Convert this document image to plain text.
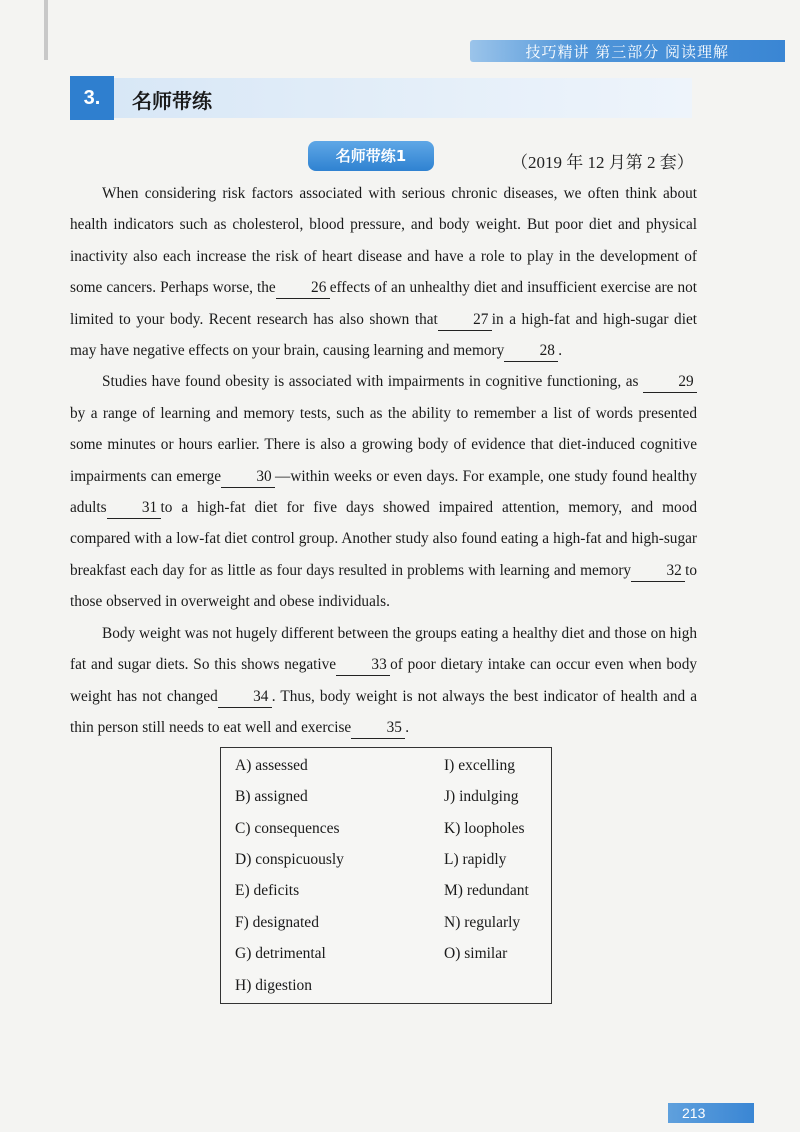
技巧精讲 第三部分 阅读理解
3.	名师带练
名师带练1	（2019 年 12 月第 2 套）

When considering risk factors associated with serious chronic diseases, we often think about health indicators such as cholesterol, blood pressure, and body weight. But poor diet and physical inactivity also each increase the risk of heart disease and have a role to play in the development of some cancers. Perhaps worse, the 26 effects of an unhealthy diet and insufficient exercise are not limited to your body. Recent research has also shown that 27 in a high-fat and high-sugar diet may have negative effects on your brain, causing learning and memory 28 .

Studies have found obesity is associated with impairments in cognitive functioning, as	29by a range of learning and memory tests, such as the ability to remember a list of words presented some minutes or hours earlier. There is also a growing body of evidence that diet-induced cognitive impairments can emerge 30 —within weeks or even days. For example, one study found healthy adults 31 to a high-fat diet for five days showed impaired attention, memory, and mood compared with a low-fat diet control group. Another study also found eating a high-fat and high-sugar breakfast each day for as little as four days resulted in problems with learning and memory 32 to those observed in overweight and obese individuals.

Body weight was not hugely different between the groups eating a healthy diet and those on high fat and sugar diets. So this shows negative 33 of poor dietary intake can occur even when body weight has not changed 34 . Thus, body weight is not always the best indicator of health and a thin person still needs to eat well and exercise 35 .

A) assessed
B) assigned
C) consequences
D) conspicuously
E) deficits
F) designated
G) detrimental
H) digestion
I) excelling
J) indulging
K) loopholes
L) rapidly
M) redundant
N) regularly
O) similar
213
